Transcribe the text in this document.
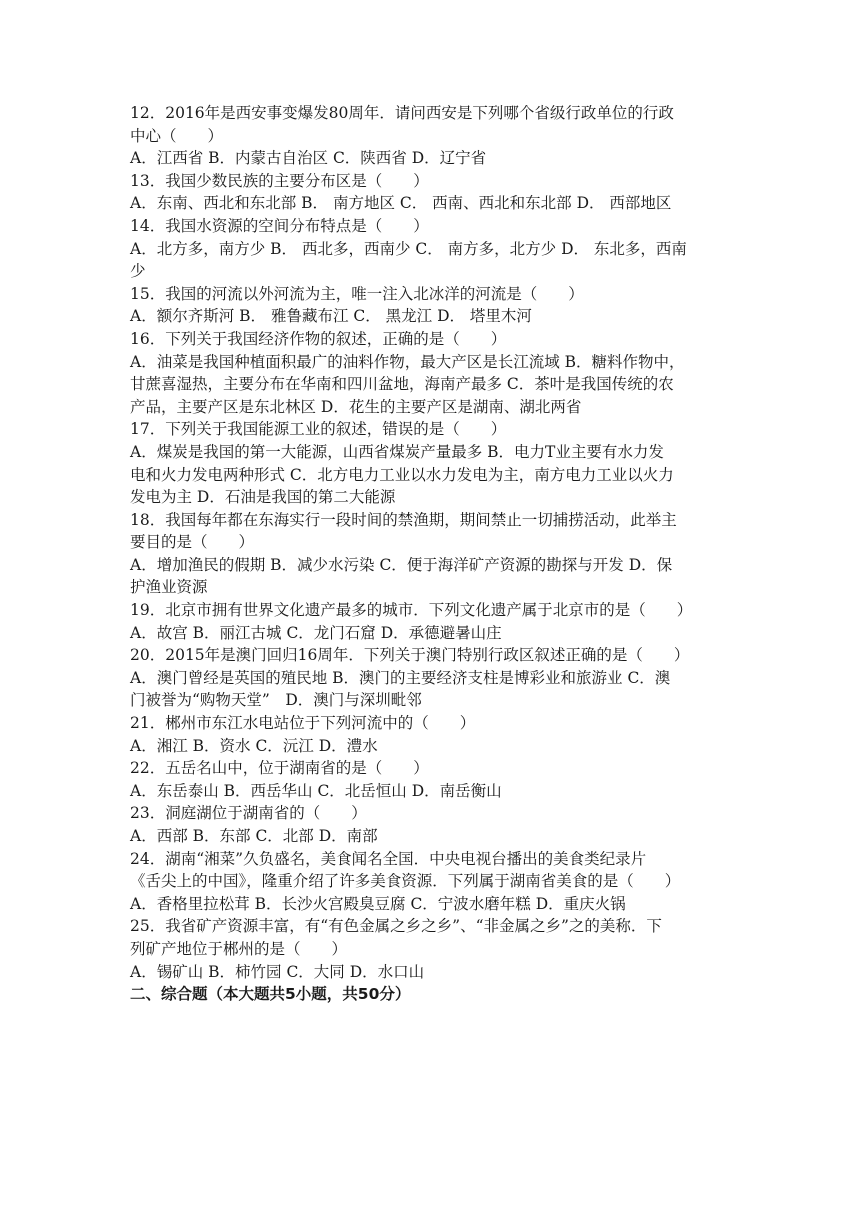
12．2016年是西安事变爆发80周年．请问西安是下列哪个省级行政单位的行政

中心（　　）

A．江西省 B．内蒙古自治区 C．陕西省 D．辽宁省

13．我国少数民族的主要分布区是（　　）

A．东南、西北和东北部 B． 南方地区 C． 西南、西北和东北部 D． 西部地区

14．我国水资源的空间分布特点是（　　）

A．北方多，南方少 B． 西北多，西南少 C． 南方多，北方少 D． 东北多，西南

少

15．我国的河流以外河流为主，唯一注入北冰洋的河流是（　　）

A．额尔齐斯河 B． 雅鲁藏布江 C． 黑龙江 D． 塔里木河

16．下列关于我国经济作物的叙述，正确的是（　　）

A．油菜是我国种植面积最广的油料作物，最大产区是长江流域 B．糖料作物中，

甘蔗喜湿热，主要分布在华南和四川盆地，海南产最多 C．茶叶是我国传统的农

产品，主要产区是东北林区 D．花生的主要产区是湖南、湖北两省

17．下列关于我国能源工业的叙述，错误的是（　　）

A．煤炭是我国的第一大能源，山西省煤炭产量最多 B．电力T业主要有水力发

电和火力发电两种形式 C．北方电力工业以水力发电为主，南方电力工业以火力

发电为主 D．石油是我国的第二大能源

18．我国每年都在东海实行一段时间的禁渔期，期间禁止一切捕捞活动，此举主

要目的是（　　）

A．增加渔民的假期 B．减少水污染 C．便于海洋矿产资源的勘探与开发 D．保

护渔业资源

19．北京市拥有世界文化遗产最多的城市．下列文化遗产属于北京市的是（　　）

A．故宫 B．丽江古城 C．龙门石窟 D．承德避暑山庄

20．2015年是澳门回归16周年．下列关于澳门特别行政区叙述正确的是（　　）

A．澳门曾经是英国的殖民地 B．澳门的主要经济支柱是博彩业和旅游业 C．澳

门被誉为“购物天堂”　D．澳门与深圳毗邻

21．郴州市东江水电站位于下列河流中的（　　）

A．湘江 B．资水 C．沅江 D．澧水

22．五岳名山中，位于湖南省的是（　　）

A．东岳泰山 B．西岳华山 C．北岳恒山 D．南岳衡山

23．洞庭湖位于湖南省的（　　）

A．西部 B．东部 C．北部 D．南部

24．湖南“湘菜”久负盛名，美食闻名全国．中央电视台播出的美食类纪录片

《舌尖上的中国》，隆重介绍了许多美食资源．下列属于湖南省美食的是（　　）

A．香格里拉松茸 B．长沙火宫殿臭豆腐 C．宁波水磨年糕 D．重庆火锅

25．我省矿产资源丰富，有“有色金属之乡之乡”、“非金属之乡”之的美称．下

列矿产地位于郴州的是（　　）

A．锡矿山 B．柿竹园 C．大同 D．水口山

二、综合题（本大题共5小题，共50分）
